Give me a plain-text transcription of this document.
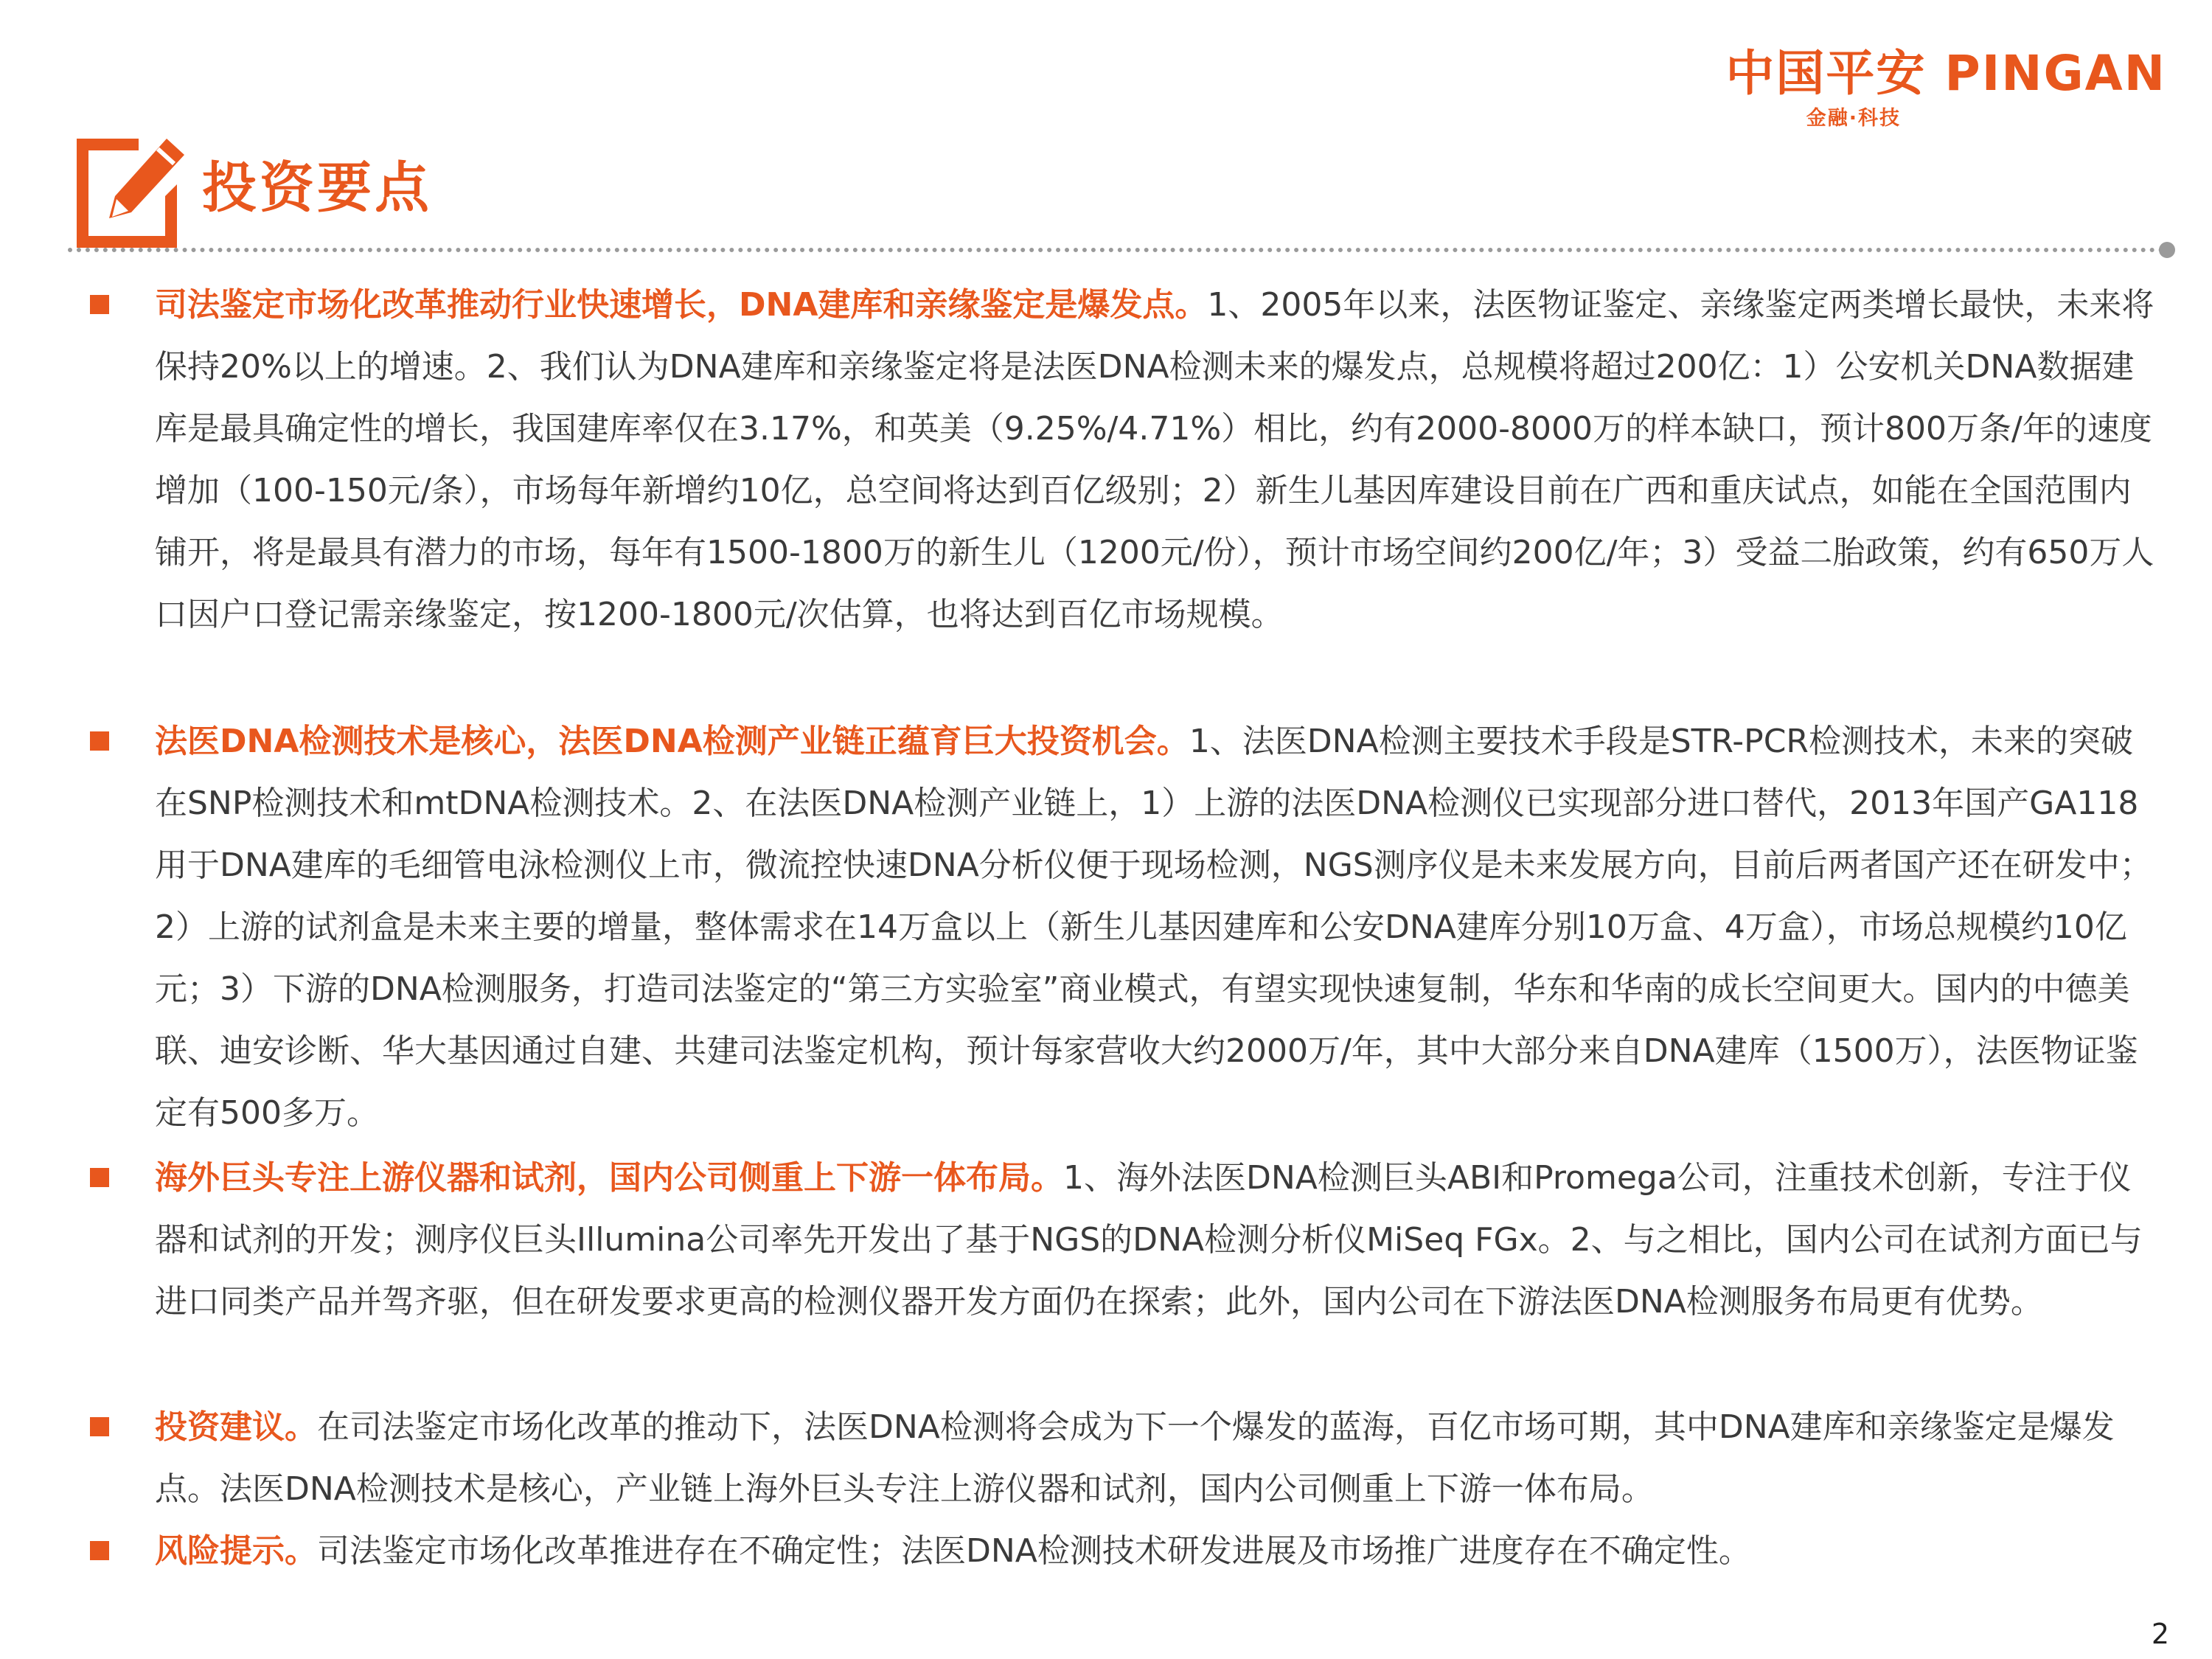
中国平安 PINGAN
金融·科技
投资要点
司法鉴定市场化改革推动行业快速增长，DNA建库和亲缘鉴定是爆发点。1、2005年以来，法医物证鉴定、亲缘鉴定两类增长最快，未来将保持20%以上的增速。2、我们认为DNA建库和亲缘鉴定将是法医DNA检测未来的爆发点，总规模将超过200亿：1）公安机关DNA数据建库是最具确定性的增长，我国建库率仅在3.17%，和英美（9.25%/4.71%）相比，约有2000-8000万的样本缺口，预计800万条/年的速度增加（100-150元/条），市场每年新增约10亿，总空间将达到百亿级别；2）新生儿基因库建设目前在广西和重庆试点，如能在全国范围内铺开，将是最具有潜力的市场，每年有1500-1800万的新生儿（1200元/份），预计市场空间约200亿/年；3）受益二胎政策，约有650万人口因户口登记需亲缘鉴定，按1200-1800元/次估算，也将达到百亿市场规模。
法医DNA检测技术是核心，法医DNA检测产业链正蕴育巨大投资机会。1、法医DNA检测主要技术手段是STR-PCR检测技术，未来的突破在SNP检测技术和mtDNA检测技术。2、在法医DNA检测产业链上，1）上游的法医DNA检测仪已实现部分进口替代，2013年国产GA118用于DNA建库的毛细管电泳检测仪上市，微流控快速DNA分析仪便于现场检测，NGS测序仪是未来发展方向，目前后两者国产还在研发中；2）上游的试剂盒是未来主要的增量，整体需求在14万盒以上（新生儿基因建库和公安DNA建库分别10万盒、4万盒），市场总规模约10亿元；3）下游的DNA检测服务，打造司法鉴定的“第三方实验室”商业模式，有望实现快速复制，华东和华南的成长空间更大。国内的中德美联、迪安诊断、华大基因通过自建、共建司法鉴定机构，预计每家营收大约2000万/年，其中大部分来自DNA建库（1500万），法医物证鉴定有500多万。
海外巨头专注上游仪器和试剂，国内公司侧重上下游一体布局。1、海外法医DNA检测巨头ABI和Promega公司，注重技术创新，专注于仪器和试剂的开发；测序仪巨头Illumina公司率先开发出了基于NGS的DNA检测分析仪MiSeq FGx。2、与之相比，国内公司在试剂方面已与进口同类产品并驾齐驱，但在研发要求更高的检测仪器开发方面仍在探索；此外，国内公司在下游法医DNA检测服务布局更有优势。
投资建议。在司法鉴定市场化改革的推动下，法医DNA检测将会成为下一个爆发的蓝海，百亿市场可期，其中DNA建库和亲缘鉴定是爆发点。法医DNA检测技术是核心，产业链上海外巨头专注上游仪器和试剂，国内公司侧重上下游一体布局。
风险提示。司法鉴定市场化改革推进存在不确定性；法医DNA检测技术研发进展及市场推广进度存在不确定性。
2
